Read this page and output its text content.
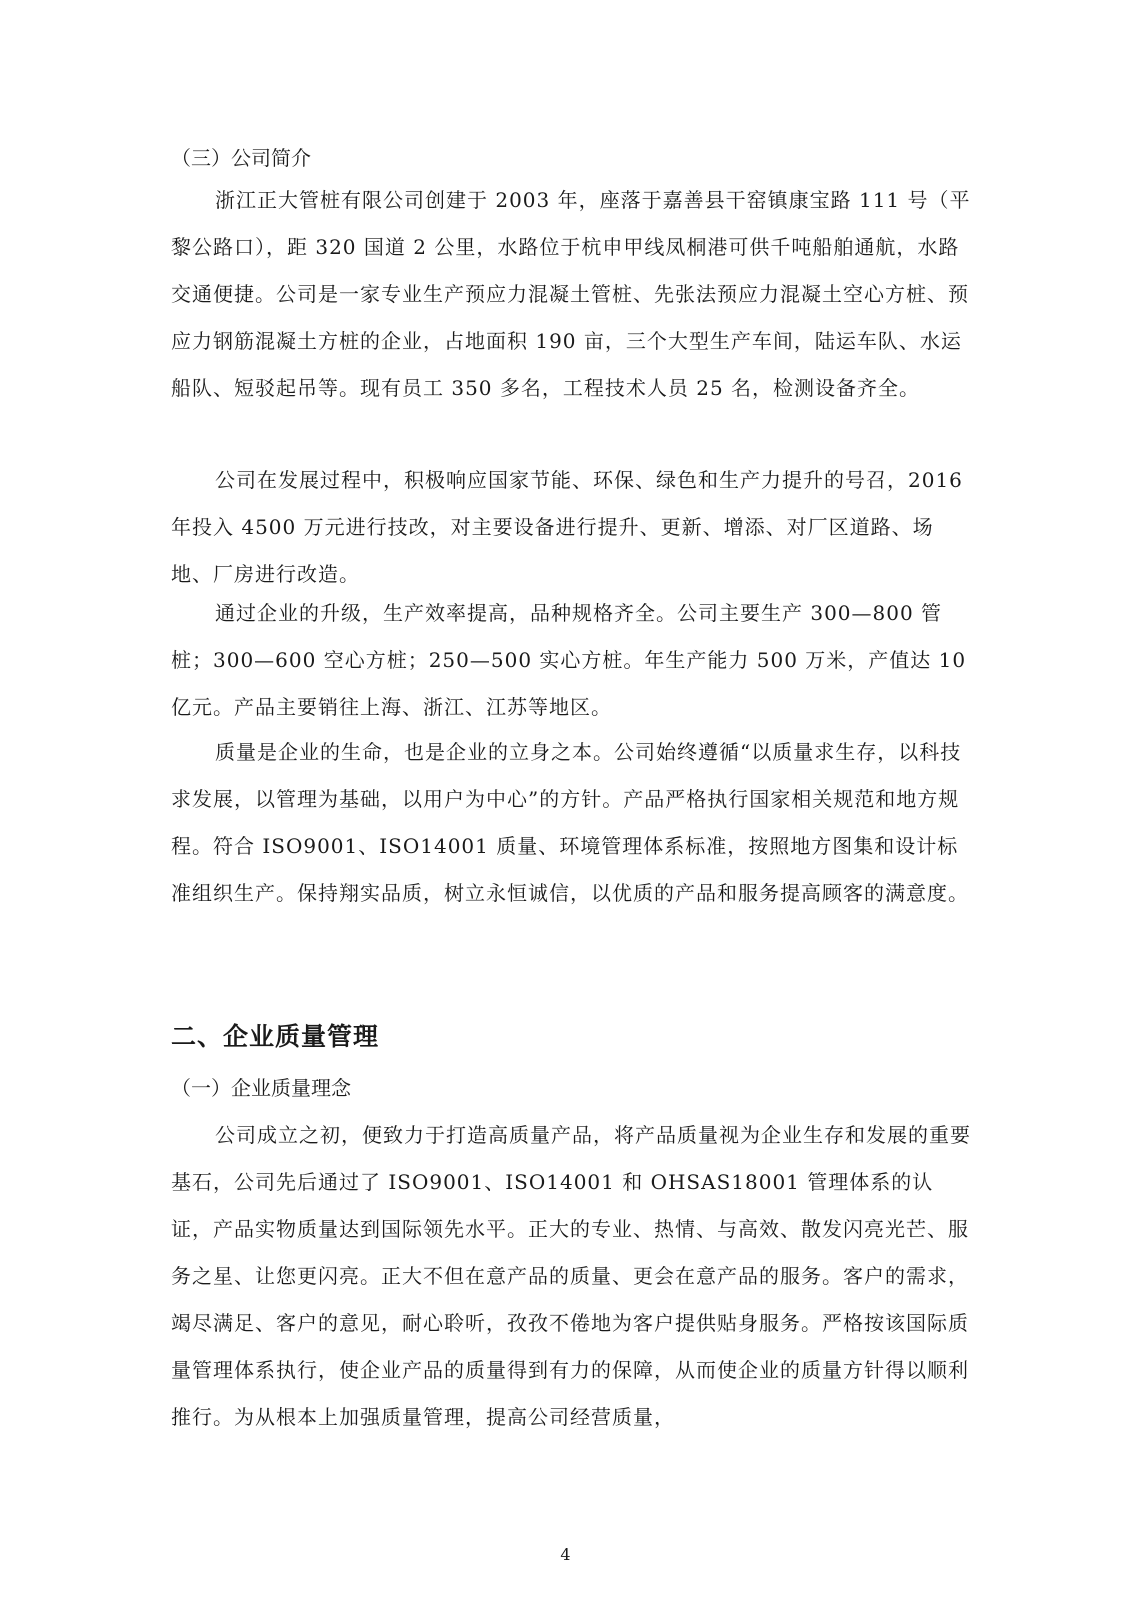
（三）公司简介

浙江正大管桩有限公司创建于 2003 年，座落于嘉善县干窑镇康宝路 111 号（平黎公路口），距 320 国道 2 公里，水路位于杭申甲线凤桐港可供千吨船舶通航，水路交通便捷。公司是一家专业生产预应力混凝土管桩、先张法预应力混凝土空心方桩、预应力钢筋混凝土方桩的企业，占地面积 190 亩，三个大型生产车间，陆运车队、水运船队、短驳起吊等。现有员工 350 多名，工程技术人员 25 名，检测设备齐全。

公司在发展过程中，积极响应国家节能、环保、绿色和生产力提升的号召，2016 年投入 4500 万元进行技改，对主要设备进行提升、更新、增添、对厂区道路、场地、厂房进行改造。

通过企业的升级，生产效率提高，品种规格齐全。公司主要生产 300—800 管桩；300—600 空心方桩；250—500 实心方桩。年生产能力 500 万米，产值达 10 亿元。产品主要销往上海、浙江、江苏等地区。

质量是企业的生命，也是企业的立身之本。公司始终遵循“以质量求生存，以科技求发展，以管理为基础，以用户为中心”的方针。产品严格执行国家相关规范和地方规程。符合 ISO9001、ISO14001 质量、环境管理体系标准，按照地方图集和设计标准组织生产。保持翔实品质，树立永恒诚信，以优质的产品和服务提高顾客的满意度。

二、企业质量管理

（一）企业质量理念

公司成立之初，便致力于打造高质量产品，将产品质量视为企业生存和发展的重要基石，公司先后通过了 ISO9001、ISO14001 和 OHSAS18001 管理体系的认证，产品实物质量达到国际领先水平。正大的专业、热情、与高效、散发闪亮光芒、服务之星、让您更闪亮。正大不但在意产品的质量、更会在意产品的服务。客户的需求，竭尽满足、客户的意见，耐心聆听，孜孜不倦地为客户提供贴身服务。严格按该国际质量管理体系执行，使企业产品的质量得到有力的保障，从而使企业的质量方针得以顺利推行。为从根本上加强质量管理，提高公司经营质量，

4
